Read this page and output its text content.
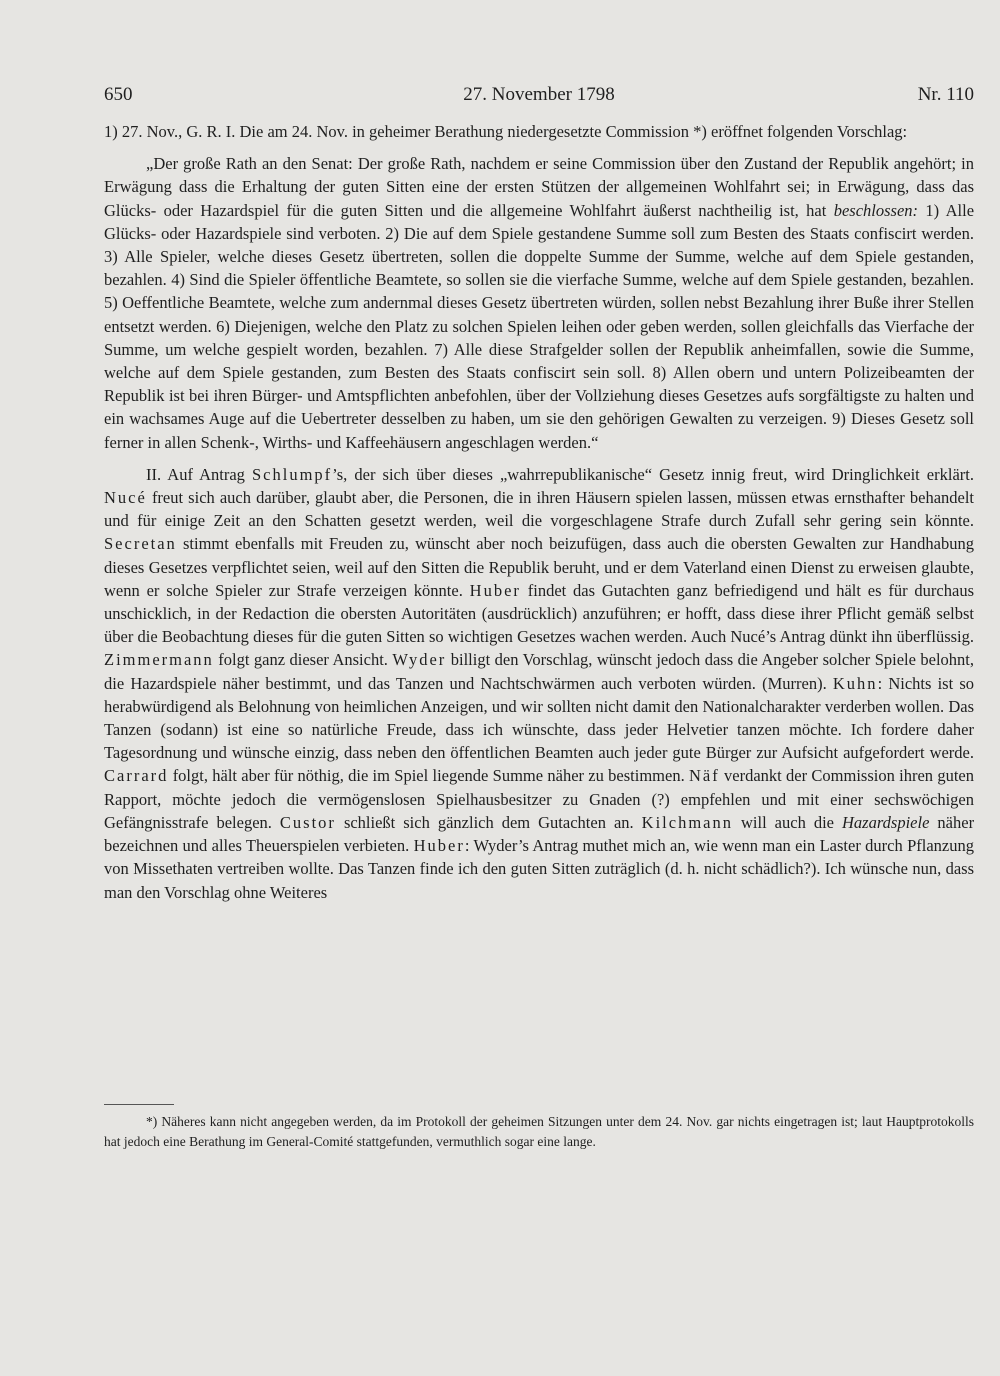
650	27. November 1798	Nr. 110

1) 27. Nov., G. R. I. Die am 24. Nov. in geheimer Berathung niedergesetzte Commission *) eröffnet folgenden Vorschlag:

„Der große Rath an den Senat: Der große Rath, nachdem er seine Commission über den Zustand der Republik angehört; in Erwägung dass die Erhaltung der guten Sitten eine der ersten Stützen der allgemeinen Wohlfahrt sei; in Erwägung, dass das Glücks- oder Hazardspiel für die guten Sitten und die allgemeine Wohlfahrt äußerst nachtheilig ist, hat beschlossen: 1) Alle Glücks- oder Hazardspiele sind verboten. 2) Die auf dem Spiele gestandene Summe soll zum Besten des Staats confiscirt werden. 3) Alle Spieler, welche dieses Gesetz übertreten, sollen die doppelte Summe der Summe, welche auf dem Spiele gestanden, bezahlen. 4) Sind die Spieler öffentliche Beamtete, so sollen sie die vierfache Summe, welche auf dem Spiele gestanden, bezahlen. 5) Oeffentliche Beamtete, welche zum andernmal dieses Gesetz übertreten würden, sollen nebst Bezahlung ihrer Buße ihrer Stellen entsetzt werden. 6) Diejenigen, welche den Platz zu solchen Spielen leihen oder geben werden, sollen gleichfalls das Vierfache der Summe, um welche gespielt worden, bezahlen. 7) Alle diese Strafgelder sollen der Republik anheimfallen, sowie die Summe, welche auf dem Spiele gestanden, zum Besten des Staats confiscirt sein soll. 8) Allen obern und untern Polizeibeamten der Republik ist bei ihren Bürger- und Amtspflichten anbefohlen, über der Vollziehung dieses Gesetzes aufs sorgfältigste zu halten und ein wachsames Auge auf die Uebertreter desselben zu haben, um sie den gehörigen Gewalten zu verzeigen. 9) Dieses Gesetz soll ferner in allen Schenk-, Wirths- und Kaffeehäusern angeschlagen werden.“

II. Auf Antrag Schlumpf’s, der sich über dieses „wahrrepublikanische“ Gesetz innig freut, wird Dringlichkeit erklärt. Nucé freut sich auch darüber, glaubt aber, die Personen, die in ihren Häusern spielen lassen, müssen etwas ernsthafter behandelt und für einige Zeit an den Schatten gesetzt werden, weil die vorgeschlagene Strafe durch Zufall sehr gering sein könnte. Secretan stimmt ebenfalls mit Freuden zu, wünscht aber noch beizufügen, dass auch die obersten Gewalten zur Handhabung dieses Gesetzes verpflichtet seien, weil auf den Sitten die Republik beruht, und er dem Vaterland einen Dienst zu erweisen glaubte, wenn er solche Spieler zur Strafe verzeigen könnte. Huber findet das Gutachten ganz befriedigend und hält es für durchaus unschicklich, in der Redaction die obersten Autoritäten (ausdrücklich) anzuführen; er hofft, dass diese ihrer Pflicht gemäß selbst über die Beobachtung dieses für die guten Sitten so wichtigen Gesetzes wachen werden. Auch Nucé’s Antrag dünkt ihn überflüssig. Zimmermann folgt ganz dieser Ansicht. Wyder billigt den Vorschlag, wünscht jedoch dass die Angeber solcher Spiele belohnt, die Hazardspiele näher bestimmt, und das Tanzen und Nachtschwärmen auch verboten würden. (Murren). Kuhn: Nichts ist so herabwürdigend als Belohnung von heimlichen Anzeigen, und wir sollten nicht damit den Nationalcharakter verderben wollen. Das Tanzen (sodann) ist eine so natürliche Freude, dass ich wünschte, dass jeder Helvetier tanzen möchte. Ich fordere daher Tagesordnung und wünsche einzig, dass neben den öffentlichen Beamten auch jeder gute Bürger zur Aufsicht aufgefordert werde. Carrard folgt, hält aber für nöthig, die im Spiel liegende Summe näher zu bestimmen. Näf verdankt der Commission ihren guten Rapport, möchte jedoch die vermögenslosen Spielhausbesitzer zu Gnaden (?) empfehlen und mit einer sechswöchigen Gefängnisstrafe belegen. Custor schließt sich gänzlich dem Gutachten an. Kilchmann will auch die Hazardspiele näher bezeichnen und alles Theuerspielen verbieten. Huber: Wyder’s Antrag muthet mich an, wie wenn man ein Laster durch Pflanzung von Missethaten vertreiben wollte. Das Tanzen finde ich den guten Sitten zuträglich (d. h. nicht schädlich?). Ich wünsche nun, dass man den Vorschlag ohne Weiteres

*) Näheres kann nicht angegeben werden, da im Protokoll der geheimen Sitzungen unter dem 24. Nov. gar nichts eingetragen ist; laut Hauptprotokolls hat jedoch eine Berathung im General-Comité stattgefunden, vermuthlich sogar eine lange.
